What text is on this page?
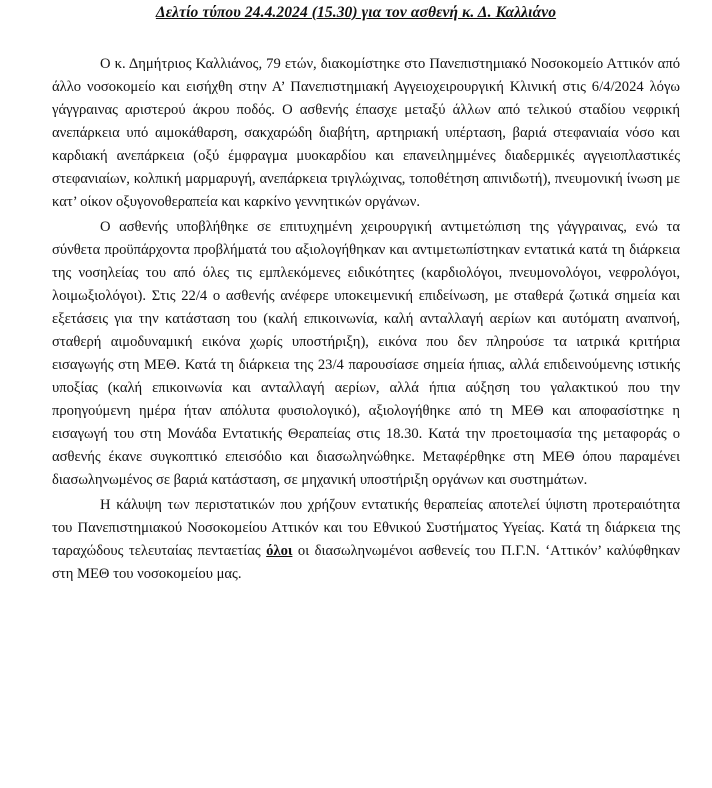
Δελτίο τύπου 24.4.2024 (15.30) για τον ασθενή κ. Δ. Καλλιάνο

Ο κ. Δημήτριος Καλλιάνος, 79 ετών, διακομίστηκε στο Πανεπιστημιακό Νοσοκομείο Αττικόν από άλλο νοσοκομείο και εισήχθη στην Α’ Πανεπιστημιακή Αγγειοχειρουργική Κλινική στις 6/4/2024 λόγω γάγγραινας αριστερού άκρου ποδός. Ο ασθενής έπασχε μεταξύ άλλων από τελικού σταδίου νεφρική ανεπάρκεια υπό αιμοκάθαρση, σακχαρώδη διαβήτη, αρτηριακή υπέρταση, βαριά στεφανιαία νόσο και καρδιακή ανεπάρκεια (οξύ έμφραγμα μυοκαρδίου και επανειλημμένες διαδερμικές αγγειοπλαστικές στεφανιαίων, κολπική μαρμαρυγή, ανεπάρκεια τριγλώχινας, τοποθέτηση απινιδωτή), πνευμονική ίνωση με κατ’ οίκον οξυγονοθεραπεία και καρκίνο γεννητικών οργάνων.

Ο ασθενής υποβλήθηκε σε επιτυχημένη χειρουργική αντιμετώπιση της γάγγραινας, ενώ τα σύνθετα προϋπάρχοντα προβλήματά του αξιολογήθηκαν και αντιμετωπίστηκαν εντατικά κατά τη διάρκεια της νοσηλείας του από όλες τις εμπλεκόμενες ειδικότητες (καρδιολόγοι, πνευμονολόγοι, νεφρολόγοι, λοιμωξιολόγοι). Στις 22/4 ο ασθενής ανέφερε υποκειμενική επιδείνωση, με σταθερά ζωτικά σημεία και εξετάσεις για την κατάσταση του (καλή επικοινωνία, καλή ανταλλαγή αερίων και αυτόματη αναπνοή, σταθερή αιμοδυναμική εικόνα χωρίς υποστήριξη), εικόνα που δεν πληρούσε τα ιατρικά κριτήρια εισαγωγής στη ΜΕΘ. Κατά τη διάρκεια της 23/4 παρουσίασε σημεία ήπιας, αλλά επιδεινούμενης ιστικής υποξίας (καλή επικοινωνία και ανταλλαγή αερίων, αλλά ήπια αύξηση του γαλακτικού που την προηγούμενη ημέρα ήταν απόλυτα φυσιολογικό), αξιολογήθηκε από τη ΜΕΘ και αποφασίστηκε η εισαγωγή του στη Μονάδα Εντατικής Θεραπείας στις 18.30. Κατά την προετοιμασία της μεταφοράς ο ασθενής έκανε συγκοπτικό επεισόδιο και διασωληνώθηκε. Μεταφέρθηκε στη ΜΕΘ όπου παραμένει διασωληνωμένος σε βαριά κατάσταση, σε μηχανική υποστήριξη οργάνων και συστημάτων.

Η κάλυψη των περιστατικών που χρήζουν εντατικής θεραπείας αποτελεί ύψιστη προτεραιότητα του Πανεπιστημιακού Νοσοκομείου Αττικόν και του Εθνικού Συστήματος Υγείας. Κατά τη διάρκεια της ταραχώδους τελευταίας πενταετίας όλοι οι διασωληνωμένοι ασθενείς του Π.Γ.Ν. ‘Αττικόν’ καλύφθηκαν στη ΜΕΘ του νοσοκομείου μας.
